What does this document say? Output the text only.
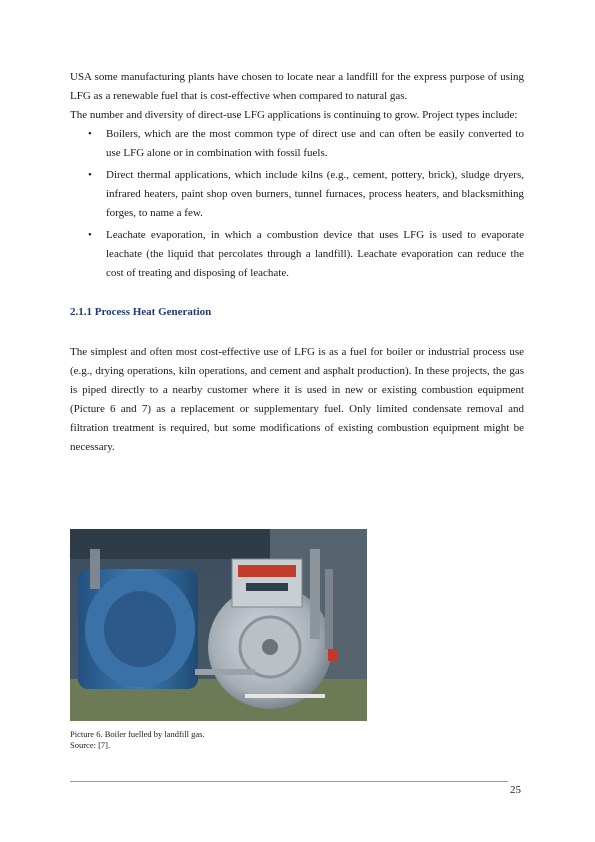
USA some manufacturing plants have chosen to locate near a landfill for the express purpose of using LFG as a renewable fuel that is cost-effective when compared to natural gas.

The number and diversity of direct-use LFG applications is continuing to grow. Project types include:

• Boilers, which are the most common type of direct use and can often be easily converted to use LFG alone or in combination with fossil fuels.
• Direct thermal applications, which include kilns (e.g., cement, pottery, brick), sludge dryers, infrared heaters, paint shop oven burners, tunnel furnaces, process heaters, and blacksmithing forges, to name a few.
• Leachate evaporation, in which a combustion device that uses LFG is used to evaporate leachate (the liquid that percolates through a landfill). Leachate evaporation can reduce the cost of treating and disposing of leachate.
2.1.1 Process Heat Generation

The simplest and often most cost-effective use of LFG is as a fuel for boiler or industrial process use (e.g., drying operations, kiln operations, and cement and asphalt production). In these projects, the gas is piped directly to a nearby customer where it is used in new or existing combustion equipment (Picture 6 and 7) as a replacement or supplementary fuel. Only limited condensate removal and filtration treatment is required, but some modifications of existing combustion equipment might be necessary.

Picture 6. Boiler fuelled by landfill gas.
Source: [7].
25
